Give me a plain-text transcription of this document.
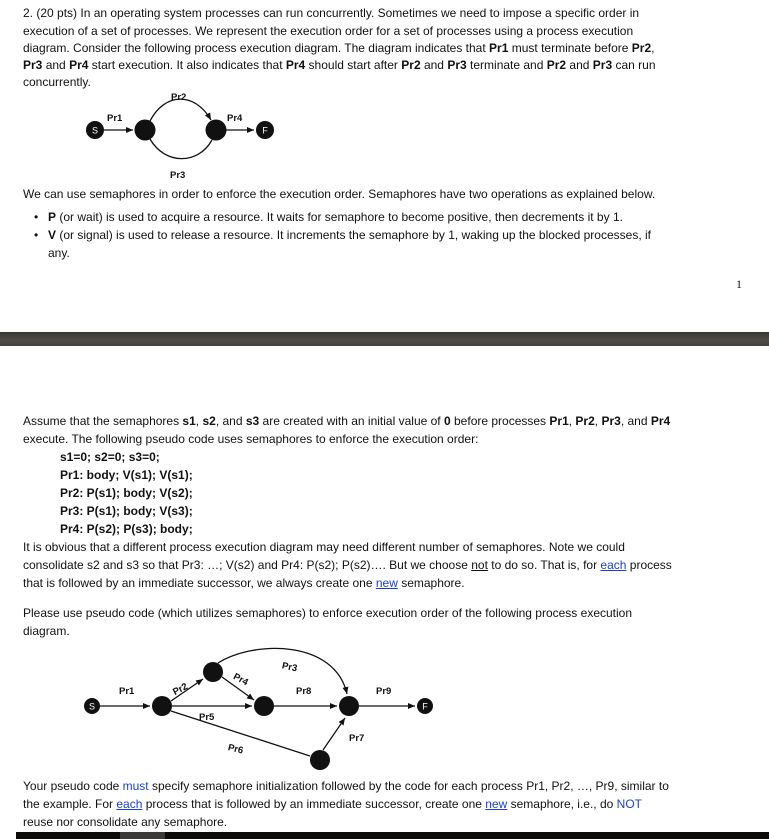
2. (20 pts) In an operating system processes can run concurrently. Sometimes we need to impose a specific order in
execution of a set of processes. We represent the execution order for a set of processes using a process execution
diagram. Consider the following process execution diagram. The diagram indicates that Pr1 must terminate before Pr2,
Pr3 and Pr4 start execution. It also indicates that Pr4 should start after Pr2 and Pr3 terminate and Pr2 and Pr3 can run
concurrently.
We can use semaphores in order to enforce the execution order. Semaphores have two operations as explained below.
P (or wait) is used to acquire a resource. It waits for semaphore to become positive, then decrements it by 1.
V (or signal) is used to release a resource. It increments the semaphore by 1, waking up the blocked processes, if
any.
Assume that the semaphores s1, s2, and s3 are created with an initial value of 0 before processes Pr1, Pr2, Pr3, and Pr4
execute. The following pseudo code uses semaphores to enforce the execution order:
s1=0; s2=0; s3=0;
Pr1: body; V(s1); V(s1);
Pr2: P(s1); body; V(s2);
Pr3: P(s1); body; V(s3);
Pr4: P(s2); P(s3); body;
It is obvious that a different process execution diagram may need different number of semaphores. Note we could
consolidate s2 and s3 so that Pr3: …; V(s2) and Pr4: P(s2); P(s2)…. But we choose not to do so. That is, for each process
that is followed by an immediate successor, we always create one new semaphore.
Please use pseudo code (which utilizes semaphores) to enforce execution order of the following process execution
diagram.
Your pseudo code must specify semaphore initialization followed by the code for each process Pr1, Pr2, …, Pr9, similar to
the example. For each process that is followed by an immediate successor, create one new semaphore, i.e., do NOT
reuse nor consolidate any semaphore.
•
•
1
S	F
Pr1
Pr2
Pr3
Pr4
S	F
Pr1	Pr2
Pr3
Pr4
Pr5
Pr6
Pr7
Pr8	Pr9
